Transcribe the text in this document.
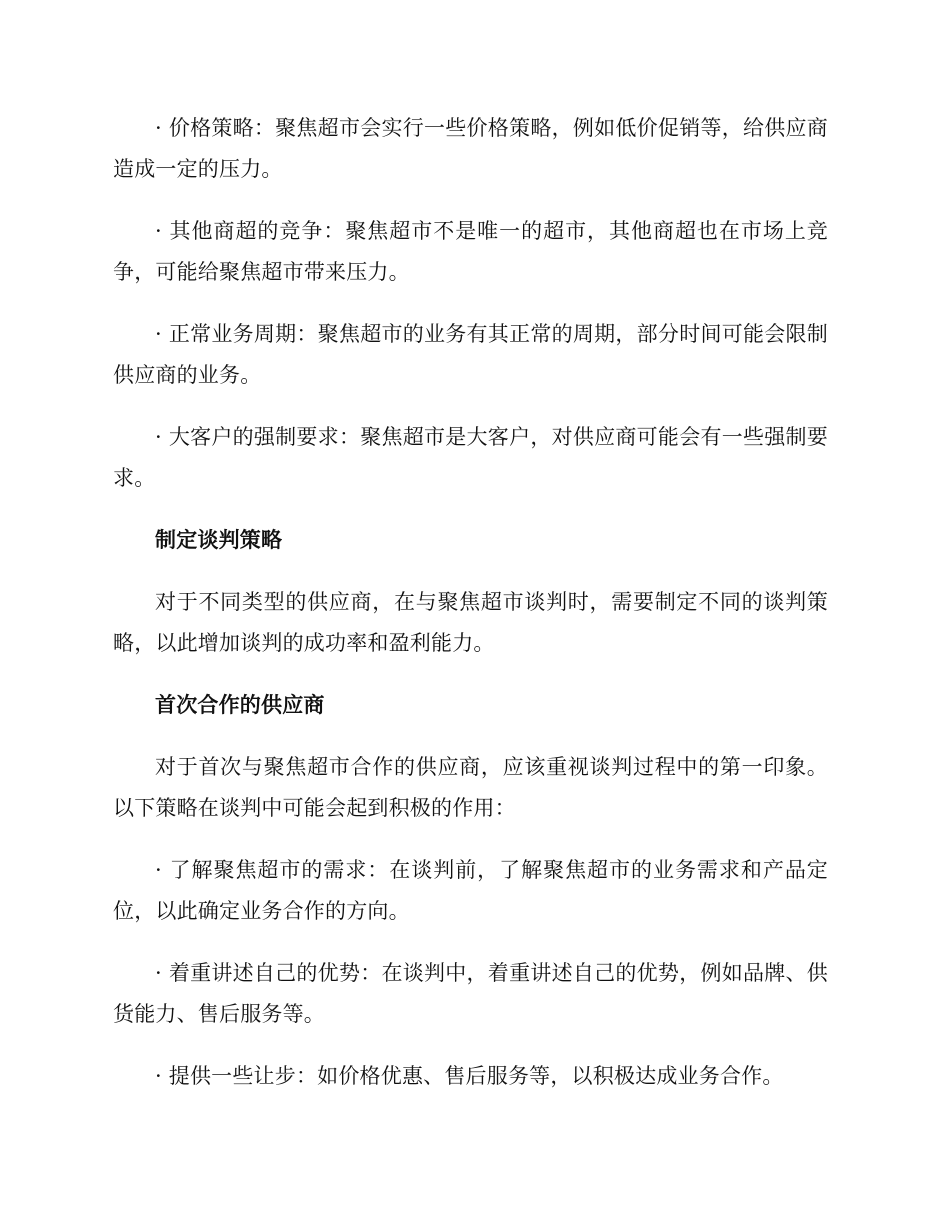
· 价格策略：聚焦超市会实行一些价格策略，例如低价促销等，给供应商造成一定的压力。

· 其他商超的竞争：聚焦超市不是唯一的超市，其他商超也在市场上竞争，可能给聚焦超市带来压力。

· 正常业务周期：聚焦超市的业务有其正常的周期，部分时间可能会限制供应商的业务。

· 大客户的强制要求：聚焦超市是大客户，对供应商可能会有一些强制要求。

制定谈判策略

对于不同类型的供应商，在与聚焦超市谈判时，需要制定不同的谈判策略，以此增加谈判的成功率和盈利能力。

首次合作的供应商

对于首次与聚焦超市合作的供应商，应该重视谈判过程中的第一印象。以下策略在谈判中可能会起到积极的作用：

· 了解聚焦超市的需求：在谈判前，了解聚焦超市的业务需求和产品定位，以此确定业务合作的方向。

· 着重讲述自己的优势：在谈判中，着重讲述自己的优势，例如品牌、供货能力、售后服务等。

· 提供一些让步：如价格优惠、售后服务等，以积极达成业务合作。
